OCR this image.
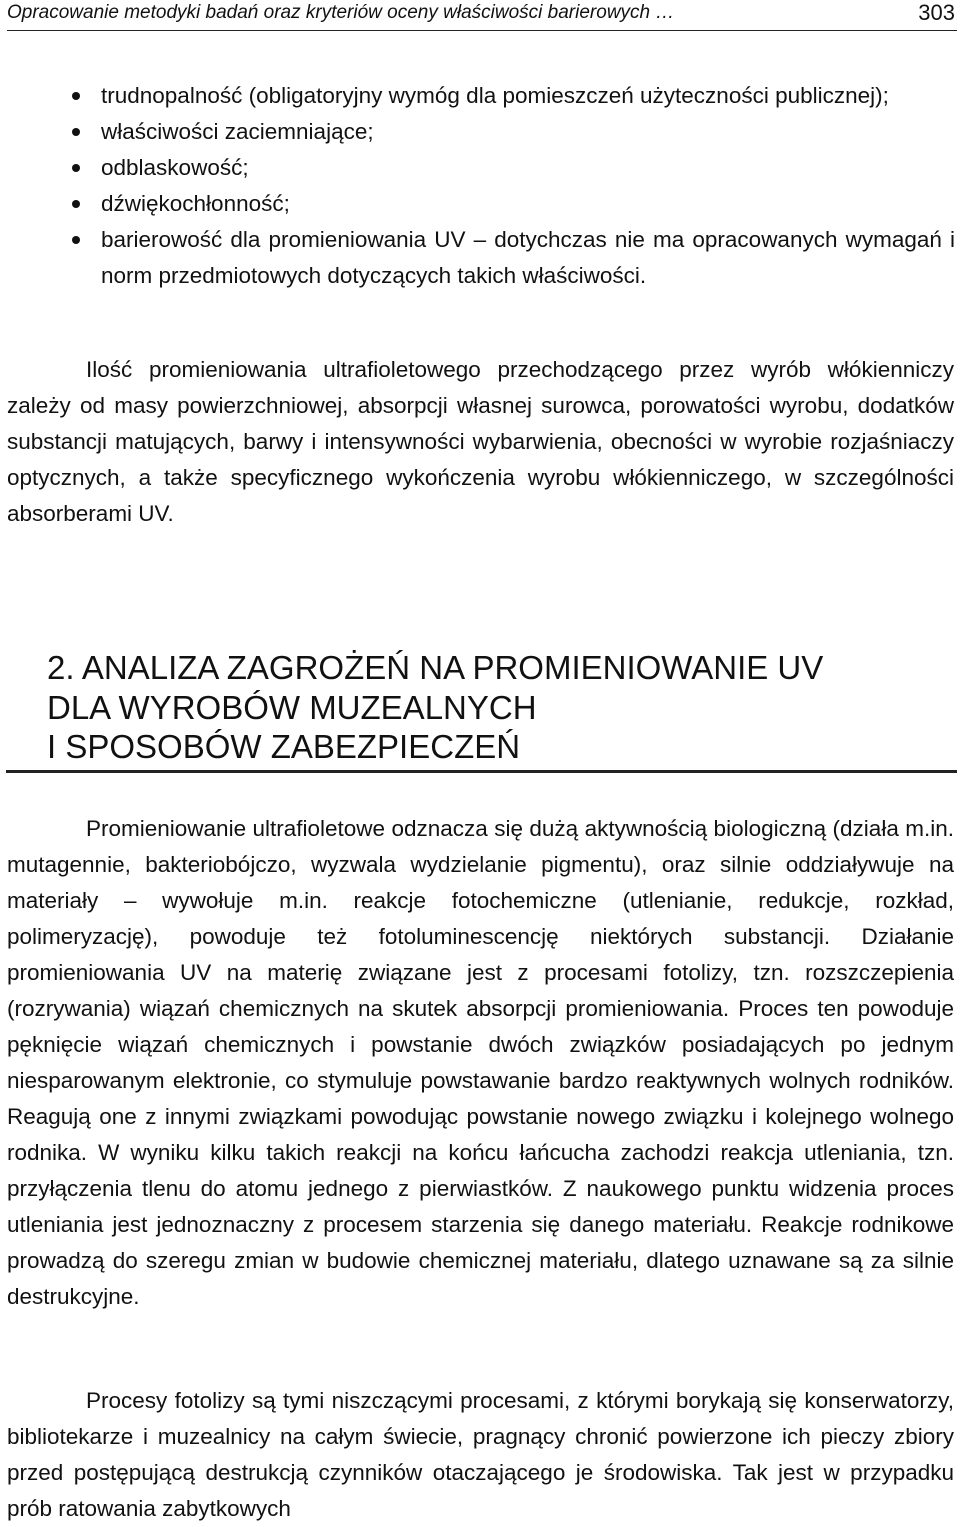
Opracowanie metodyki badań oraz kryteriów oceny właściwości barierowych …	303
trudnopalność (obligatoryjny wymóg dla pomieszczeń użyteczności publicznej);
właściwości zaciemniające;
odblaskowość;
dźwiękochłonność;
barierowość dla promieniowania UV – dotychczas nie ma opracowanych wymagań i norm przedmiotowych dotyczących takich właściwości.

Ilość promieniowania ultrafioletowego przechodzącego przez wyrób włókienniczy zależy od masy powierzchniowej, absorpcji własnej surowca, porowatości wyrobu, dodatków substancji matujących, barwy i intensywności wybarwienia, obecności w wyrobie rozjaśniaczy optycznych, a także specyficznego wykończenia wyrobu włókienniczego, w szczególności absorberami UV.

2. ANALIZA ZAGROŻEŃ NA PROMIENIOWANIE UV
DLA WYROBÓW MUZEALNYCH
I SPOSOBÓW ZABEZPIECZEŃ

Promieniowanie ultrafioletowe odznacza się dużą aktywnością biologiczną (działa m.in. mutagennie, bakteriobójczo, wyzwala wydzielanie pigmentu), oraz silnie oddziaływuje na materiały – wywołuje m.in. reakcje fotochemiczne (utlenianie, redukcje, rozkład, polimeryzację), powoduje też fotoluminescencję niektórych substancji. Działanie promieniowania UV na materię związane jest z procesami fotolizy, tzn. rozszczepienia (rozrywania) wiązań chemicznych na skutek absorpcji promieniowania. Proces ten powoduje pęknięcie wiązań chemicznych i powstanie dwóch związków posiadających po jednym niesparowanym elektronie, co stymuluje powstawanie bardzo reaktywnych wolnych rodników. Reagują one z innymi związkami powodując powstanie nowego związku i kolejnego wolnego rodnika. W wyniku kilku takich reakcji na końcu łańcucha zachodzi reakcja utleniania, tzn. przyłączenia tlenu do atomu jednego z pierwiastków. Z naukowego punktu widzenia proces utleniania jest jednoznaczny z procesem starzenia się danego materiału. Reakcje rodnikowe prowadzą do szeregu zmian w budowie chemicznej materiału, dlatego uznawane są za silnie destrukcyjne.

Procesy fotolizy są tymi niszczącymi procesami, z którymi borykają się konserwatorzy, bibliotekarze i muzealnicy na całym świecie, pragnący chronić powierzone ich pieczy zbiory przed postępującą destrukcją czynników otaczającego je środowiska. Tak jest w przypadku prób ratowania zabytkowych
